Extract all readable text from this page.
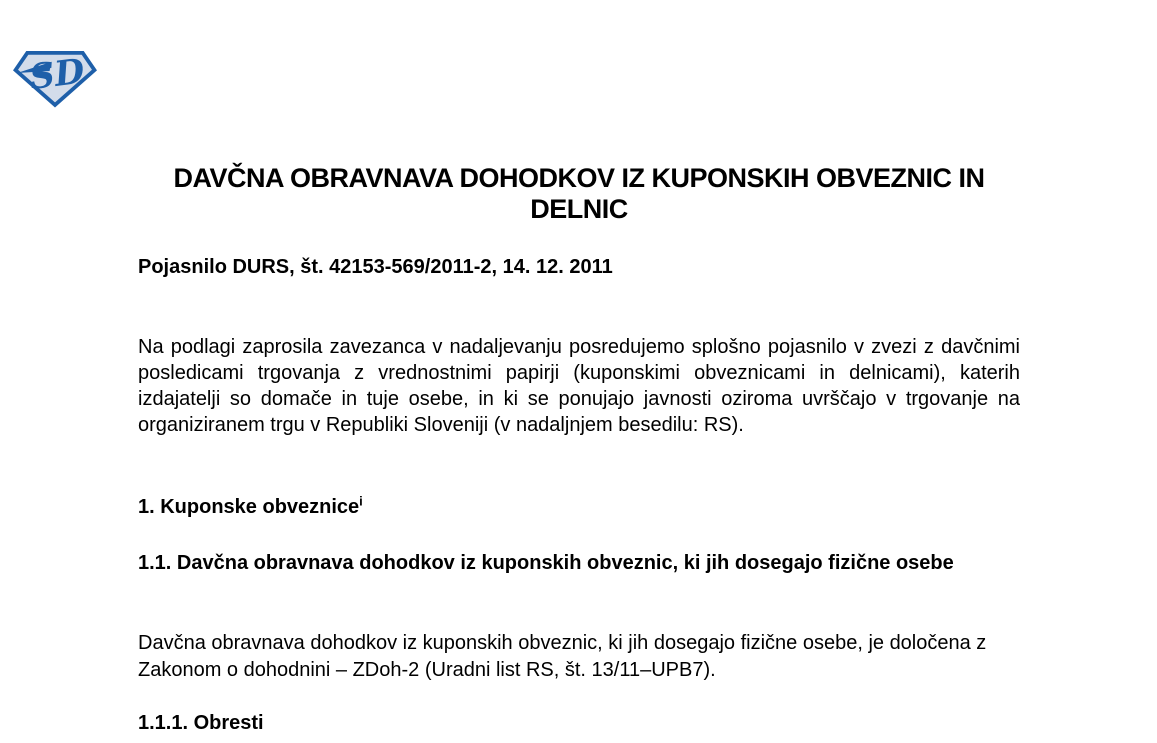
SD
DAVČNA OBRAVNAVA DOHODKOV IZ KUPONSKIH OBVEZNIC IN DELNIC

Pojasnilo DURS, št. 42153-569/2011-2, 14. 12. 2011

Na podlagi zaprosila zavezanca v nadaljevanju posredujemo splošno pojasnilo v zvezi z davčnimi posledicami trgovanja z vrednostnimi papirji (kuponskimi obveznicami in delnicami), katerih izdajatelji so domače in tuje osebe, in ki se ponujajo javnosti oziroma uvrščajo v trgovanje na organiziranem trgu v Republiki Sloveniji (v nadaljnjem besedilu: RS).

1. Kuponske obveznice$^i$
1.1. Davčna obravnava dohodkov iz kuponskih obveznic, ki jih dosegajo fizične osebe

Davčna obravnava dohodkov iz kuponskih obveznic, ki jih dosegajo fizične osebe, je določena z Zakonom o dohodnini – ZDoh-2 (Uradni list RS, št. 13/11–UPB7).

1.1.1. Obresti
